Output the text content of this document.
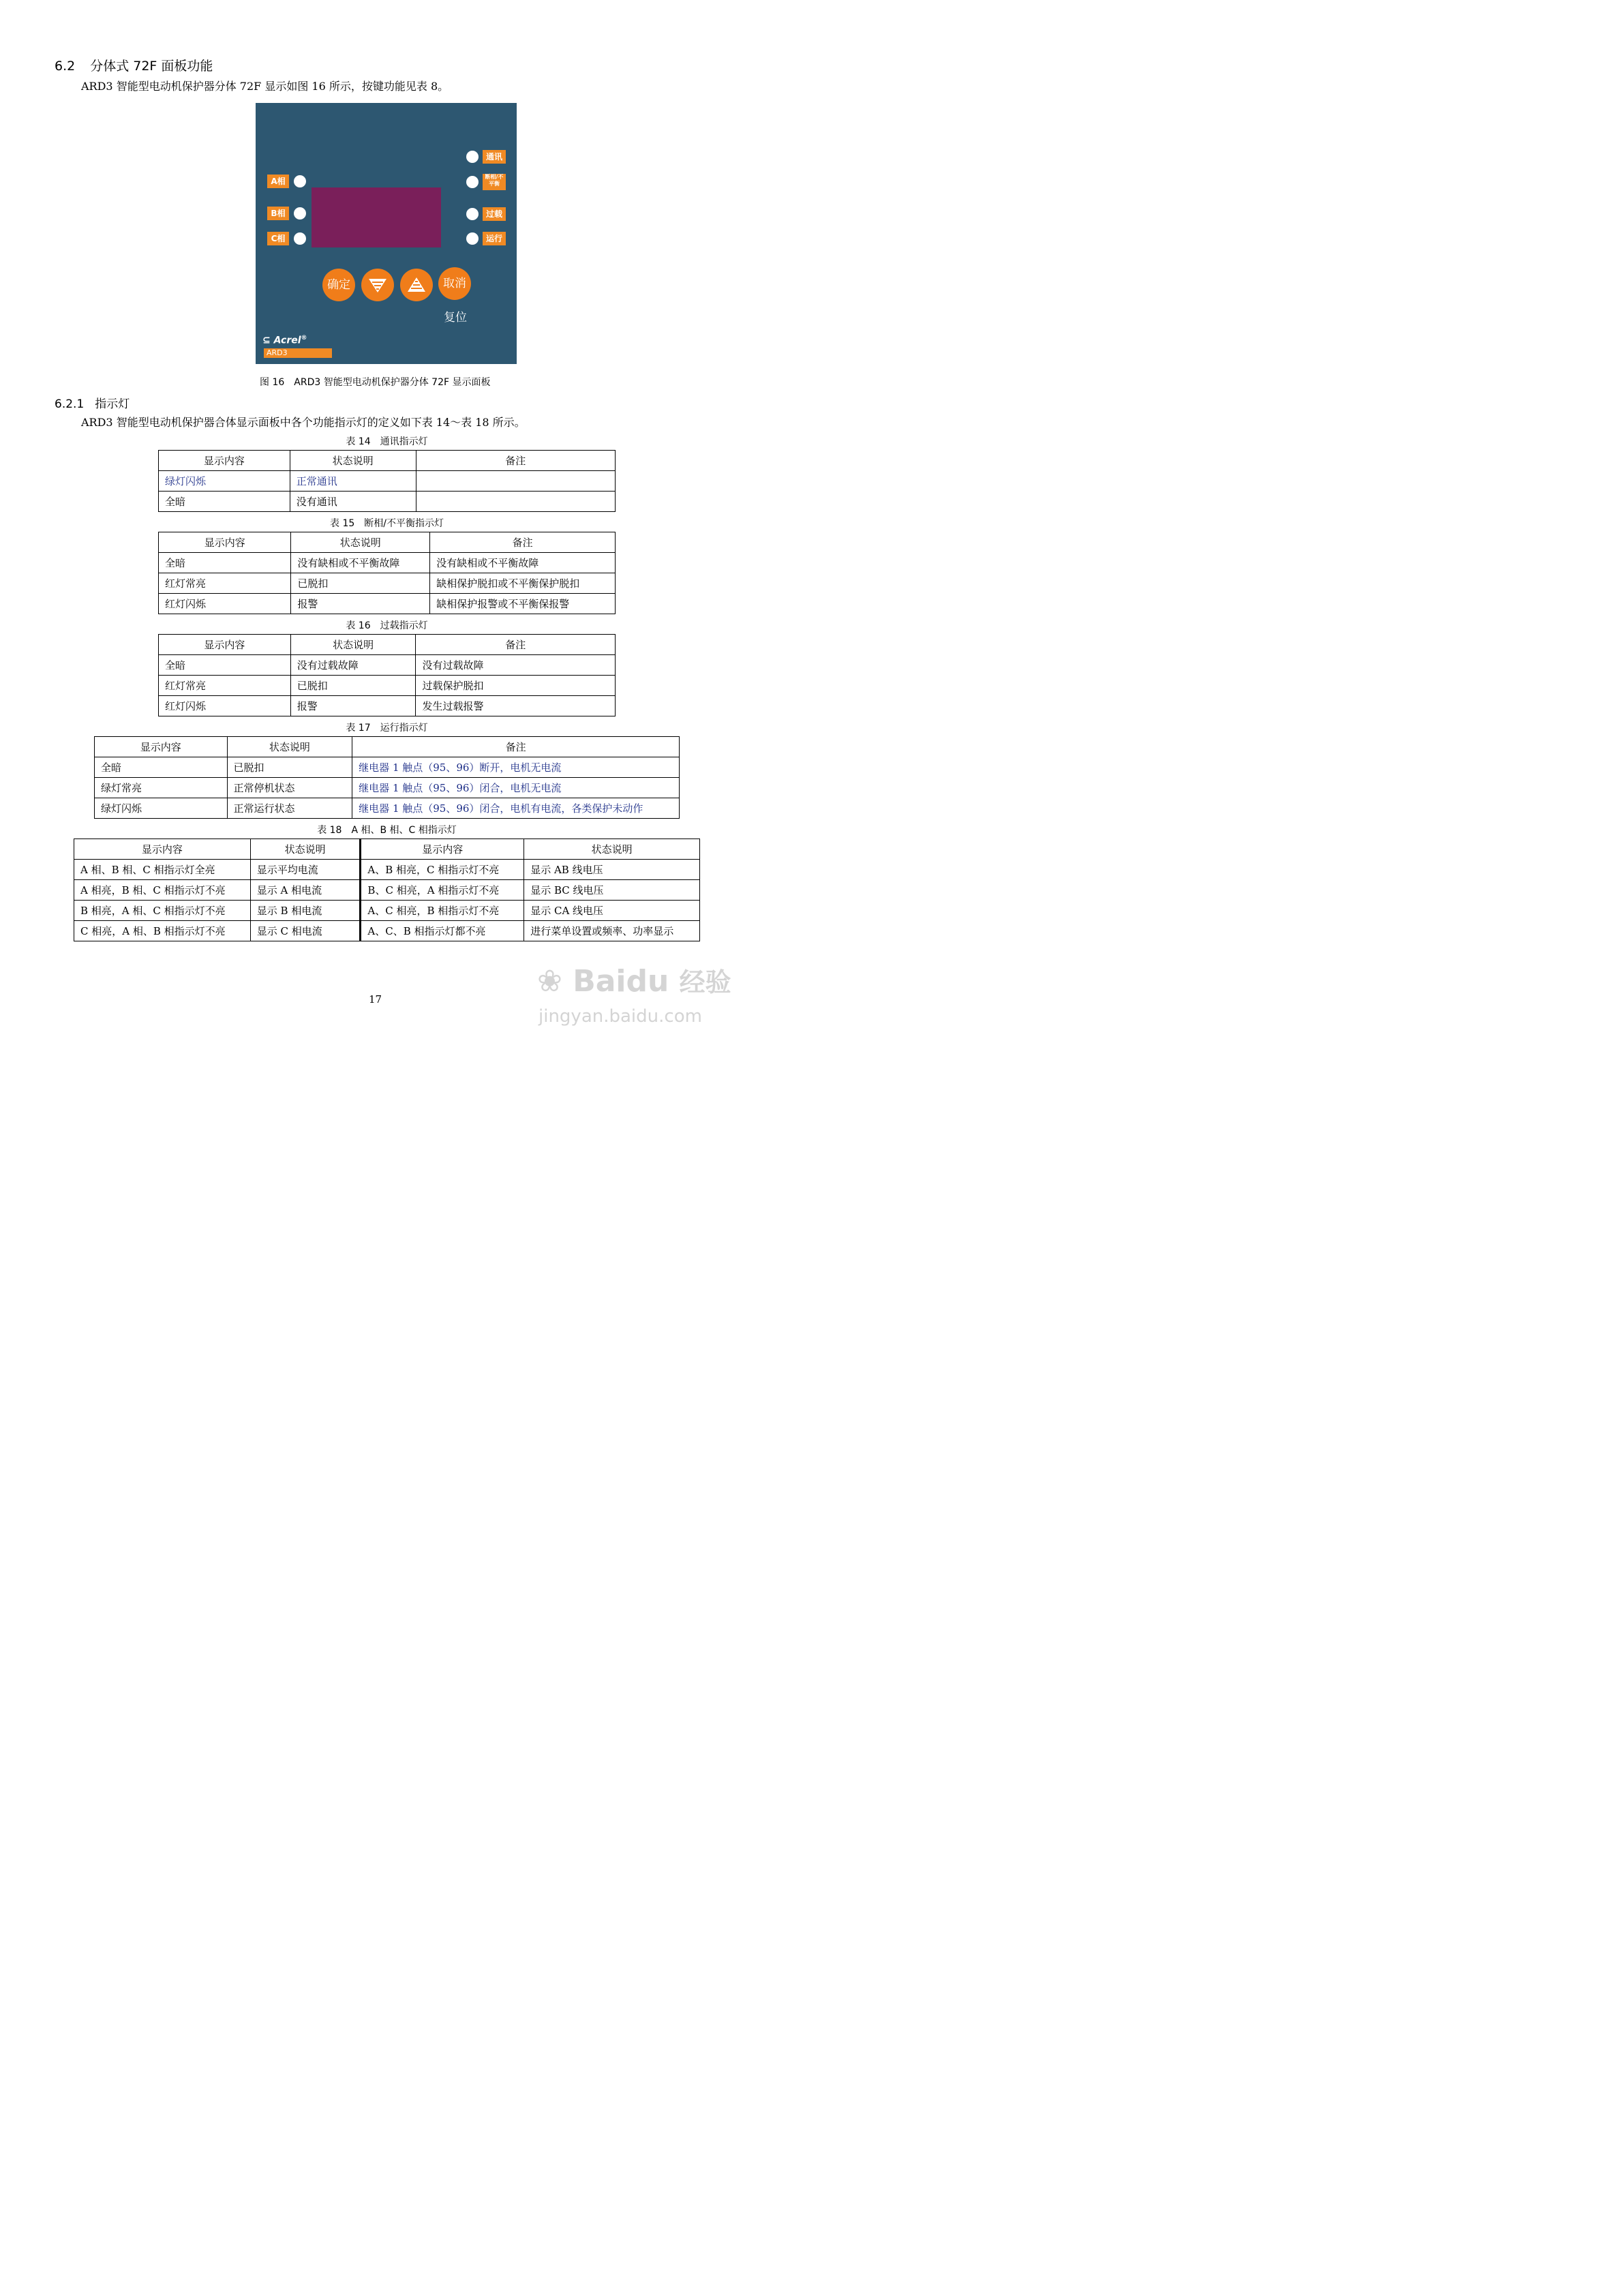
6.2 分体式 72F 面板功能
ARD3 智能型电动机保护器分体 72F 显示如图 16 所示，按键功能见表 8。
A相
B相
C相
通讯
断相/不平衡
过载
运行
确定	取消
复位
⊆ Acrel®
ARD3
图 16　ARD3 智能型电动机保护器分体 72F 显示面板
6.2.1 指示灯
ARD3 智能型电动机保护器合体显示面板中各个功能指示灯的定义如下表 14～表 18 所示。
表 14　通讯指示灯
显示内容	状态说明	备注
绿灯闪烁	正常通讯	
全暗	没有通讯	
表 15　断相/不平衡指示灯
显示内容	状态说明	备注
全暗	没有缺相或不平衡故障	没有缺相或不平衡故障
红灯常亮	已脱扣	缺相保护脱扣或不平衡保护脱扣
红灯闪烁	报警	缺相保护报警或不平衡保报警
表 16　过载指示灯
显示内容	状态说明	备注
全暗	没有过载故障	没有过载故障
红灯常亮	已脱扣	过载保护脱扣
红灯闪烁	报警	发生过载报警
表 17　运行指示灯
显示内容	状态说明	备注
全暗	已脱扣	继电器 1 触点（95、96）断开，电机无电流
绿灯常亮	正常停机状态	继电器 1 触点（95、96）闭合，电机无电流
绿灯闪烁	正常运行状态	继电器 1 触点（95、96）闭合，电机有电流，各类保护未动作
表 18　A 相、B 相、C 相指示灯
显示内容	状态说明	显示内容	状态说明
A 相、B 相、C 相指示灯全亮	显示平均电流	A、B 相亮，C 相指示灯不亮	显示 AB 线电压
A 相亮，B 相、C 相指示灯不亮	显示 A 相电流	B、C 相亮，A 相指示灯不亮	显示 BC 线电压
B 相亮，A 相、C 相指示灯不亮	显示 B 相电流	A、C 相亮，B 相指示灯不亮	显示 CA 线电压
C 相亮，A 相、B 相指示灯不亮	显示 C 相电流	A、C、B 相指示灯都不亮	进行菜单设置或频率、功率显示
17
❀ Baidu 经验
jingyan.baidu.com
